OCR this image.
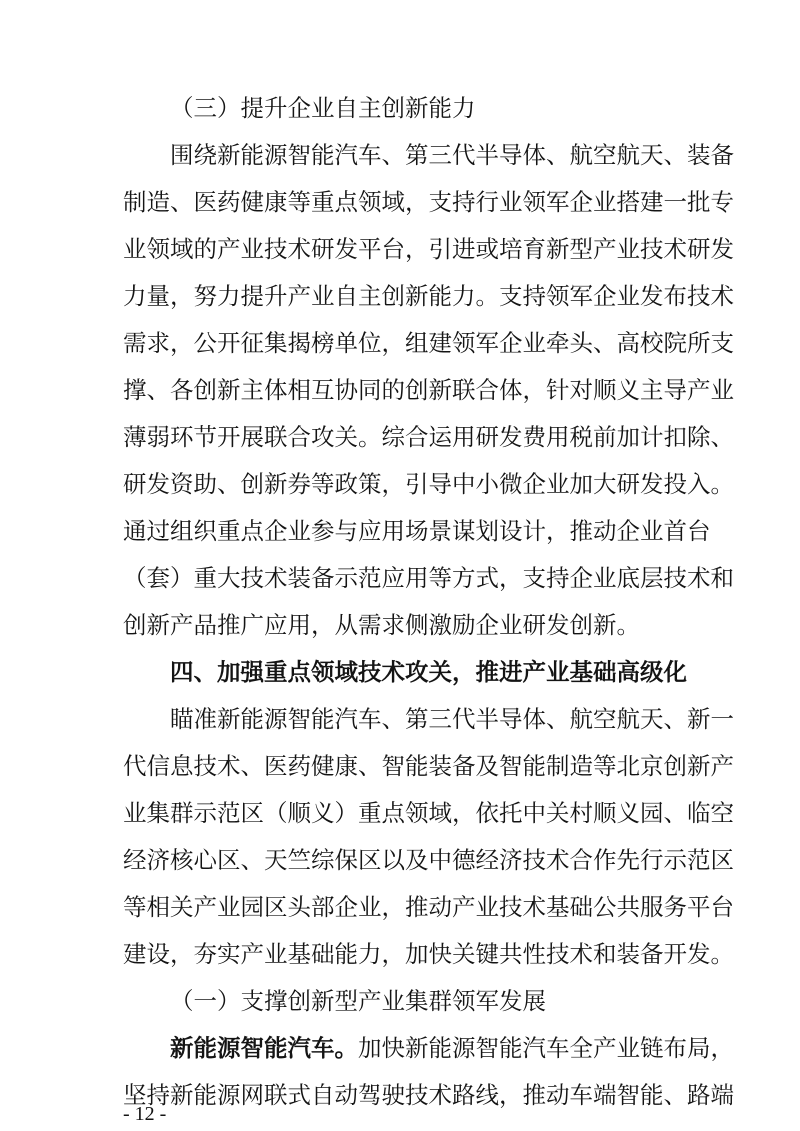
（三）提升企业自主创新能力
围绕新能源智能汽车、第三代半导体、航空航天、装备
制造、医药健康等重点领域，支持行业领军企业搭建一批专
业领域的产业技术研发平台，引进或培育新型产业技术研发
力量，努力提升产业自主创新能力。支持领军企业发布技术
需求，公开征集揭榜单位，组建领军企业牵头、高校院所支
撑、各创新主体相互协同的创新联合体，针对顺义主导产业
薄弱环节开展联合攻关。综合运用研发费用税前加计扣除、
研发资助、创新券等政策，引导中小微企业加大研发投入。
通过组织重点企业参与应用场景谋划设计，推动企业首台
（套）重大技术装备示范应用等方式，支持企业底层技术和
创新产品推广应用，从需求侧激励企业研发创新。
四、加强重点领域技术攻关，推进产业基础高级化
瞄准新能源智能汽车、第三代半导体、航空航天、新一
代信息技术、医药健康、智能装备及智能制造等北京创新产
业集群示范区（顺义）重点领域，依托中关村顺义园、临空
经济核心区、天竺综保区以及中德经济技术合作先行示范区
等相关产业园区头部企业，推动产业技术基础公共服务平台
建设，夯实产业基础能力，加快关键共性技术和装备开发。
（一）支撑创新型产业集群领军发展
新能源智能汽车。加快新能源智能汽车全产业链布局，
坚持新能源网联式自动驾驶技术路线，推动车端智能、路端
- 12 -
